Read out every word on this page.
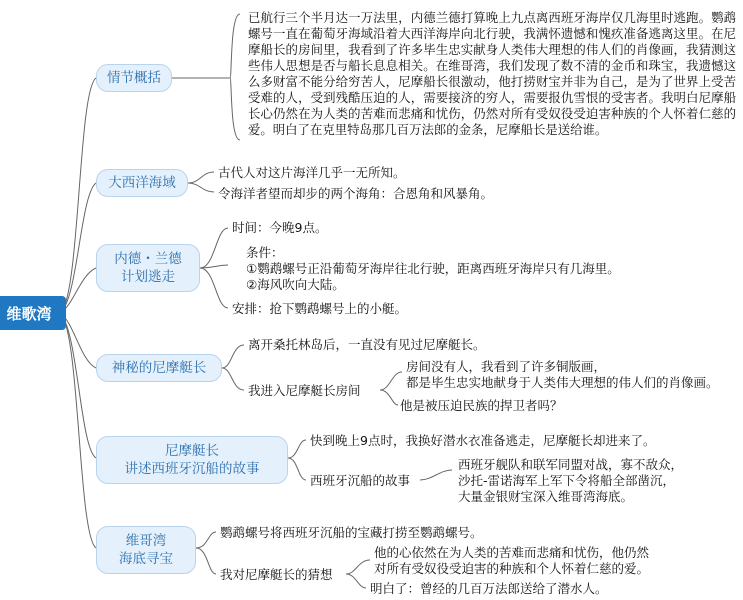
维歌湾
情节概括
已航行三个半月达一万法里，内德兰德打算晚上九点离西班牙海岸仅几海里时逃跑。鹦鹉螺号一直在葡萄牙海域沿着大西洋海岸向北行驶，我满怀遗憾和愧疚准备逃离这里。在尼摩船长的房间里，我看到了许多毕生忠实献身人类伟大理想的伟人们的肖像画，我猜测这些伟人思想是否与船长息息相关。在维哥湾，我们发现了数不清的金币和珠宝，我遗憾这么多财富不能分给穷苦人，尼摩船长很激动，他打捞财宝并非为自己，是为了世界上受苦受难的人，受到残酷压迫的人，需要接济的穷人，需要报仇雪恨的受害者。我明白尼摩船长心仍然在为人类的苦难而悲痛和忧伤，仍然对所有受奴役受迫害种族的个人怀着仁慈的爱。明白了在克里特岛那几百万法郎的金条，尼摩船长是送给谁。
大西洋海域
古代人对这片海洋几乎一无所知。
令海洋者望而却步的两个海角：合恩角和风暴角。
内德・兰德
计划逃走
时间：今晚9点。
条件：
①鹦鹉螺号正沿葡萄牙海岸往北行驶，距离西班牙海岸只有几海里。
②海风吹向大陆。
安排：抢下鹦鹉螺号上的小艇。
神秘的尼摩艇长
离开桑托林岛后，一直没有见过尼摩艇长。
我进入尼摩艇长房间
房间没有人，我看到了许多铜版画，
都是毕生忠实地献身于人类伟大理想的伟人们的肖像画。
他是被压迫民族的捍卫者吗？
尼摩艇长
讲述西班牙沉船的故事
快到晚上9点时，我换好潜水衣准备逃走，尼摩艇长却进来了。
西班牙沉船的故事
西班牙舰队和联军同盟对战，寡不敌众，
沙托-雷诺海军上军下令将船全部凿沉，
大量金银财宝深入维哥湾海底。
维哥湾
海底寻宝
鹦鹉螺号将西班牙沉船的宝藏打捞至鹦鹉螺号。
我对尼摩艇长的猜想
他的心依然在为人类的苦难而悲痛和忧伤，他仍然
对所有受奴役受迫害的种族和个人怀着仁慈的爱。
明白了：曾经的几百万法郎送给了潜水人。
